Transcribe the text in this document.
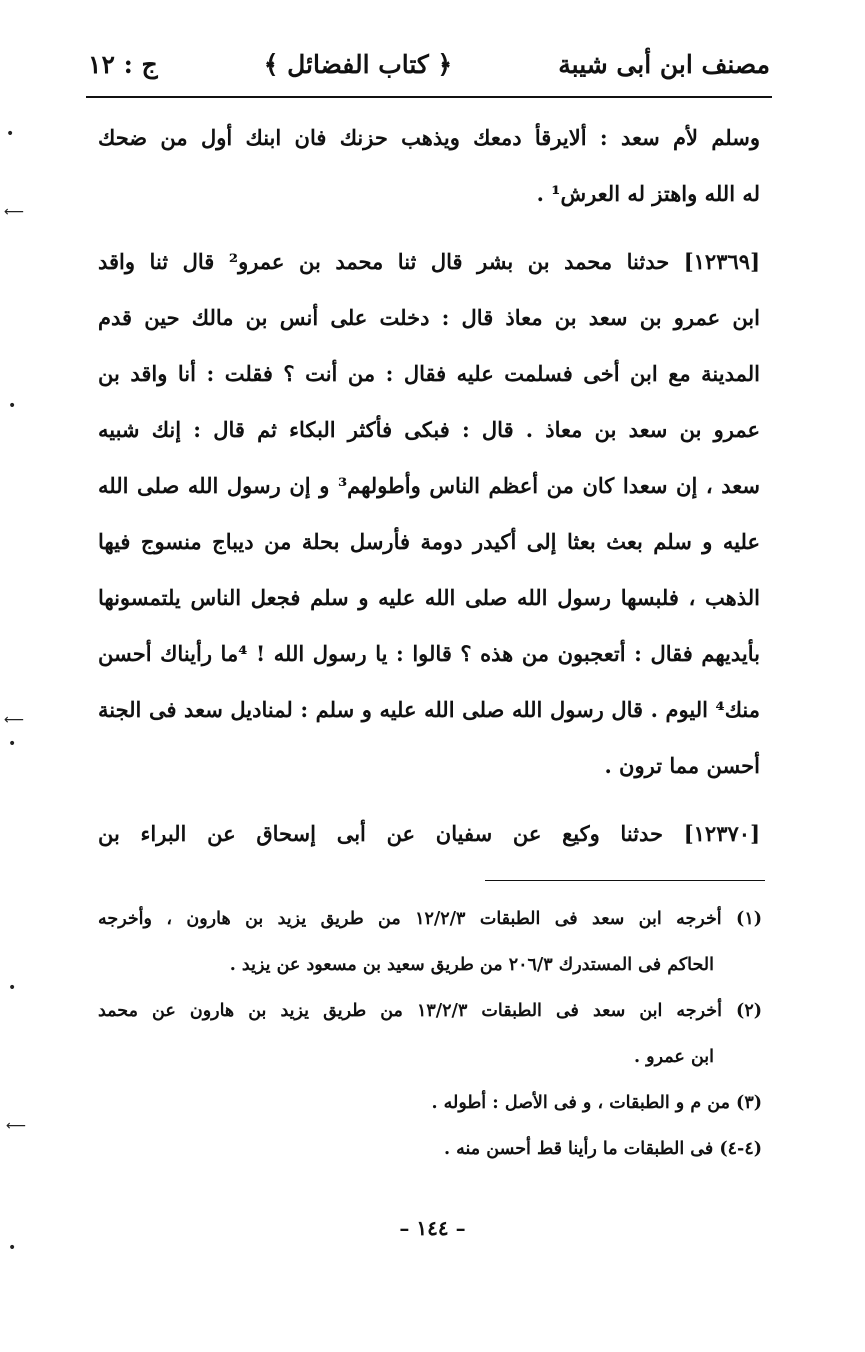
مصنف ابن أبى شيبة
﴿ كتاب الفضائل ﴾
ج : ١٢
وسلم لأم سعد : ألايرقأ دمعك ويذهب حزنك فان ابنك أول من ضحك
له الله واهتز له العرش¹ .
[١٢٣٦٩] حدثنا محمد بن بشر قال ثنا محمد بن عمرو² قال ثنا واقد
ابن عمرو بن سعد بن معاذ قال : دخلت على أنس بن مالك حين قدم
المدينة مع ابن أخى فسلمت عليه فقال : من أنت ؟ فقلت : أنا واقد بن
عمرو بن سعد بن معاذ . قال : فبكى فأكثر البكاء ثم قال : إنك شبيه
سعد ، إن سعدا كان من أعظم الناس وأطولهم³ و إن رسول الله صلى الله
عليه و سلم بعث بعثا إلى أكيدر دومة فأرسل بحلة من ديباج منسوج فيها
الذهب ، فلبسها رسول الله صلى الله عليه و سلم فجعل الناس يلتمسونها
بأيديهم فقال : أتعجبون من هذه ؟ قالوا : يا رسول الله ! ⁴ما رأيناك أحسن
منك⁴ اليوم . قال رسول الله صلى الله عليه و سلم : لمناديل سعد فى الجنة
أحسن مما ترون .
[١٢٣٧٠] حدثنا وكيع عن سفيان عن أبى إسحاق عن البراء بن
(١) أخرجه ابن سعد فى الطبقات ١٢/٢/٣ من طريق يزيد بن هارون ، وأخرجه
الحاكم فى المستدرك ٢٠٦/٣ من طريق سعيد بن مسعود عن يزيد .
(٢) أخرجه ابن سعد فى الطبقات ١٣/٢/٣ من طريق يزيد بن هارون عن محمد
ابن عمرو .
(٣) من م و الطبقات ، و فى الأصل : أطوله .
(٤-٤) فى الطبقات ما رأينا قط أحسن منه .
– ١٤٤ –
•
⟵
•
⟵
•
•
⟵
•
